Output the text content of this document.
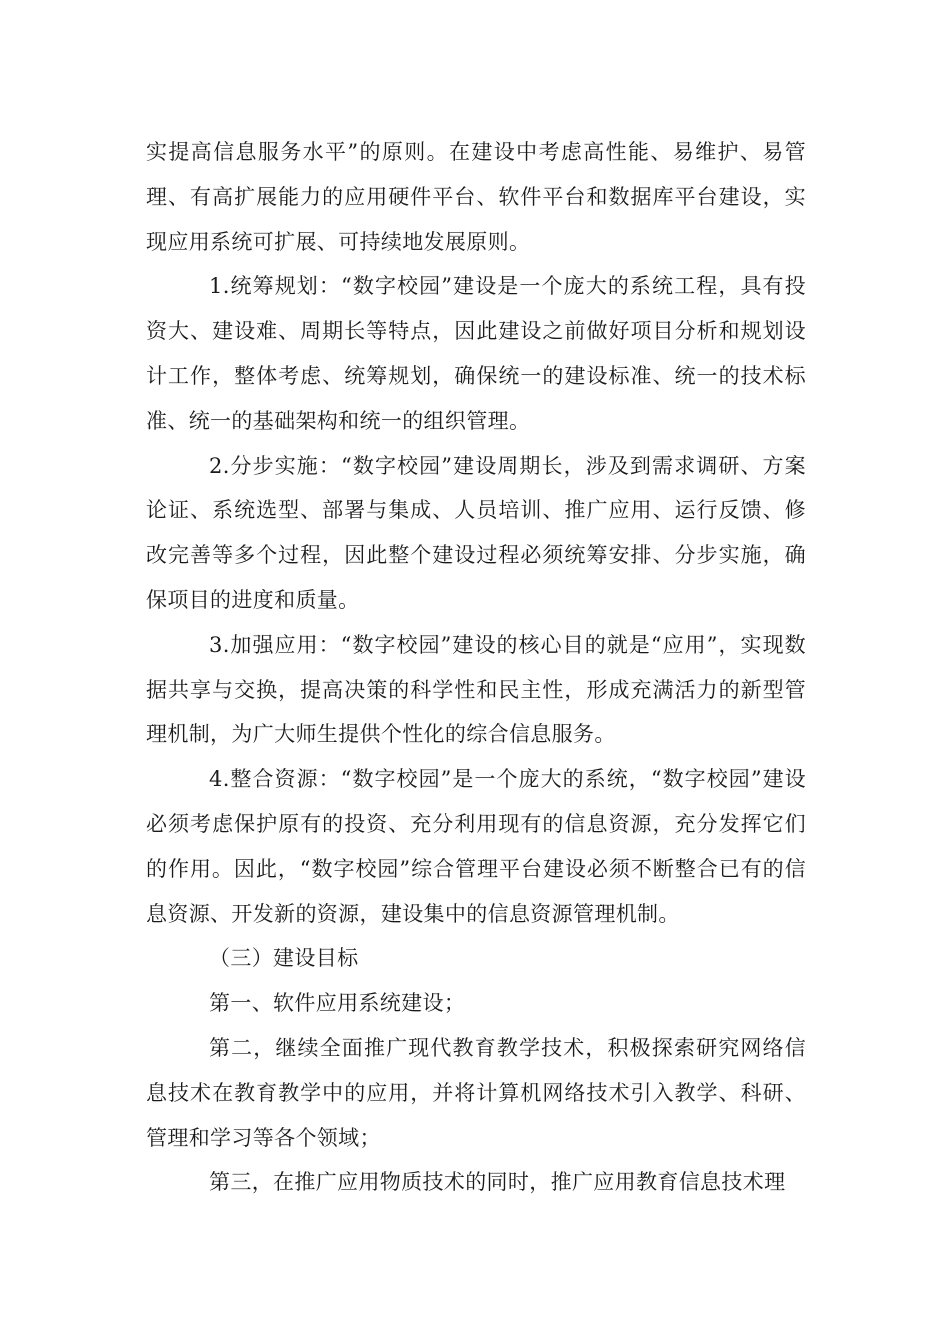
实提高信息服务水平”的原则。在建设中考虑高性能、易维护、易管理、有高扩展能力的应用硬件平台、软件平台和数据库平台建设，实现应用系统可扩展、可持续地发展原则。

1.统筹规划：“数字校园”建设是一个庞大的系统工程，具有投资大、建设难、周期长等特点，因此建设之前做好项目分析和规划设计工作，整体考虑、统筹规划，确保统一的建设标准、统一的技术标准、统一的基础架构和统一的组织管理。

2.分步实施：“数字校园”建设周期长，涉及到需求调研、方案论证、系统选型、部署与集成、人员培训、推广应用、运行反馈、修改完善等多个过程，因此整个建设过程必须统筹安排、分步实施，确保项目的进度和质量。

3.加强应用：“数字校园”建设的核心目的就是“应用”，实现数据共享与交换，提高决策的科学性和民主性，形成充满活力的新型管理机制，为广大师生提供个性化的综合信息服务。

4.整合资源：“数字校园”是一个庞大的系统，“数字校园”建设必须考虑保护原有的投资、充分利用现有的信息资源，充分发挥它们的作用。因此，“数字校园”综合管理平台建设必须不断整合已有的信息资源、开发新的资源，建设集中的信息资源管理机制。

（三）建设目标

第一、软件应用系统建设；

第二，继续全面推广现代教育教学技术，积极探索研究网络信息技术在教育教学中的应用，并将计算机网络技术引入教学、科研、管理和学习等各个领域；

第三，在推广应用物质技术的同时，推广应用教育信息技术理
